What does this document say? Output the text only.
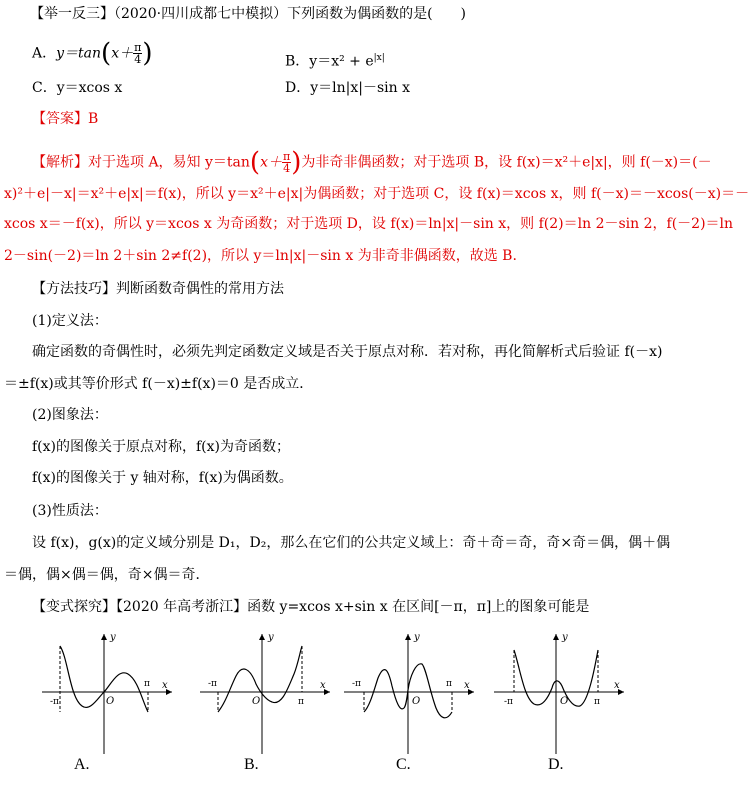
【举一反三】（2020·四川成都七中模拟）下列函数为偶函数的是(　　)
A．$y=\tan(x+ \frac{\pi}{4}$ )	B．$y=x^2 + e^{|x|}$
C．y＝xcos x	D．y＝ln|x|－sin x
【答案】B
【解析】对于选项 A，易知 $y=\tan(x+ \frac{\pi}{4}$ )为非奇非偶函数；对于选项 B，设 f(x)＝x²＋e|x|，则 f(－x)＝(－
x)²＋e|－x|＝x²＋e|x|＝f(x)，所以 y＝x²＋e|x|为偶函数；对于选项 C，设 f(x)＝xcos x，则 f(－x)＝－xcos(－x)＝－
xcos x＝－f(x)，所以 y＝xcos x 为奇函数；对于选项 D，设 f(x)＝ln|x|－sin x，则 f(2)＝ln 2－sin 2，f(－2)＝ln
2－sin(－2)＝ln 2＋sin 2≠f(2)，所以 y＝ln|x|－sin x 为非奇非偶函数，故选 B.
【方法技巧】判断函数奇偶性的常用方法
(1)定义法：
确定函数的奇偶性时，必须先判定函数定义域是否关于原点对称．若对称，再化简解析式后验证 f(－x)
＝±f(x)或其等价形式 f(－x)±f(x)＝0 是否成立．
(2)图象法：
f(x)的图像关于原点对称，f(x)为奇函数；
f(x)的图像关于 y 轴对称，f(x)为偶函数。
(3)性质法：
设 f(x)，g(x)的定义域分别是 D₁，D₂，那么在它们的公共定义域上：奇＋奇＝奇，奇×奇＝偶，偶＋偶
＝偶，偶×偶＝偶，奇×偶＝奇．
【变式探究】【2020 年高考浙江】函数 y=xcos x+sin x 在区间[－π，π]上的图象可能是
y
x
O
-π
π
A.
y
x
O
-π
π
B.
y
x
O
-π	π
C.
y
x
O
-π	π
D.
